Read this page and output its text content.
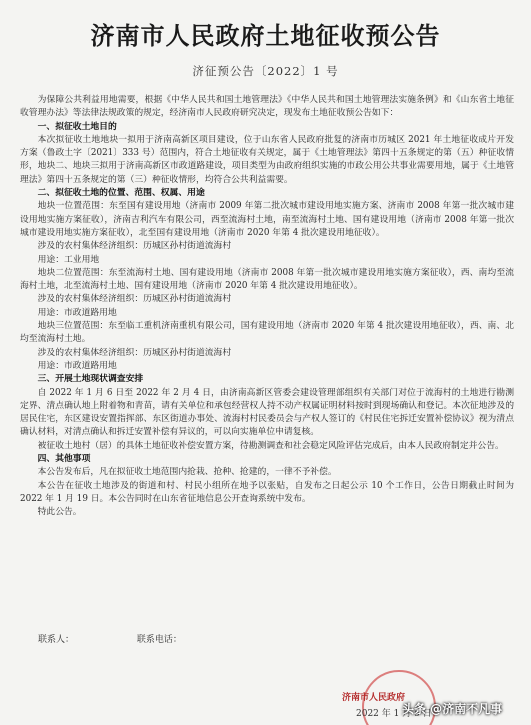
济南市人民政府土地征收预公告
济征预公告〔2022〕1 号

为保障公共利益用地需要，根据《中华人民共和国土地管理法》《中华人民共和国土地管理法实施条例》和《山东省土地征收管理办法》等法律法规政策的规定，经济南市人民政府研究决定，现发布土地征收预公告如下：

一、拟征收土地目的

本次拟征收土地地块一拟用于济南高新区项目建设，位于山东省人民政府批复的济南市历城区 2021 年土地征收成片开发方案（鲁政土字〔2021〕333 号）范围内，符合土地征收有关规定，属于《土地管理法》第四十五条规定的第（五）种征收情形，地块二、地块三拟用于济南高新区市政道路建设，项目类型为由政府组织实施的市政公用公共事业需要用地，属于《土地管理法》第四十五条规定的第（三）种征收情形，均符合公共利益需要。

二、拟征收土地的位置、范围、权属、用途

地块一位置范围：东至国有建设用地（济南市 2009 年第二批次城市建设用地实施方案、济南市 2008 年第一批次城市建设用地实施方案征收），济南吉利汽车有限公司，西至流海村土地，南至流海村土地、国有建设用地（济南市 2008 年第一批次城市建设用地实施方案征收），北至国有建设用地（济南市 2020 年第 4 批次建设用地征收）。

涉及的农村集体经济组织：历城区孙村街道流海村

用途：工业用地

地块二位置范围：东至流海村土地、国有建设用地（济南市 2008 年第一批次城市建设用地实施方案征收），西、南均至流海村土地，北至流海村土地、国有建设用地（济南市 2020 年第 4 批次建设用地征收）。

涉及的农村集体经济组织：历城区孙村街道流海村

用途：市政道路用地

地块三位置范围：东至临工重机济南重机有限公司，国有建设用地（济南市 2020 年第 4 批次建设用地征收），西、南、北均至流海村土地。

涉及的农村集体经济组织：历城区孙村街道流海村

用途：市政道路用地

三、开展土地现状调查安排

自 2022 年 1 月 6 日至 2022 年 2 月 4 日，由济南高新区管委会建设管理部组织有关部门对位于流海村的土地进行勘测定界、清点确认地上附着物和青苗，请有关单位和承包经营权人持不动产权属证明材料按时到现场确认和登记。本次征地涉及的居民住宅，东区建设安置指挥部、东区街道办事处、流海村村民委员会与产权人签订的《村民住宅拆迁安置补偿协议》视为清点确认材料，对清点确认和拆迁安置补偿有异议的，可以向实施单位申请复核。

被征收土地村（居）的具体土地征收补偿安置方案，待勘测调查和社会稳定风险评估完成后，由本人民政府制定并公告。

四、其他事项

本公告发布后，凡在拟征收土地范围内抢栽、抢种、抢建的，一律不予补偿。

本公告在征收土地涉及的街道和村、村民小组所在地予以张贴，自发布之日起公示 10 个工作日，公告日期截止时间为 2022 年 1 月 19 日。本公告同时在山东省征地信息公开查询系统中发布。

特此公告。

联系人：	联系电话：
济南市人民政府
2022 年 1 月 5 日
头条 @济南不凡事
